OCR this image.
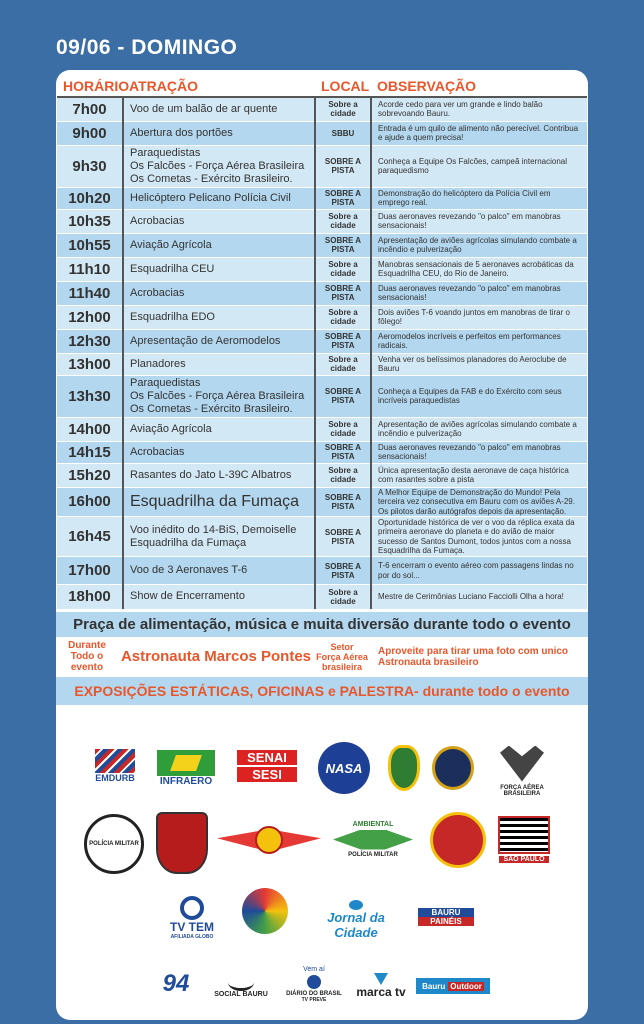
09/06 - DOMINGO
HORÁRIO	ATRAÇÃO	LOCAL	OBSERVAÇÃO
7h00	Voo de um balão de ar quente	Sobre a cidade	Acorde cedo para ver um grande e lindo balão sobrevoando Bauru.
9h00	Abertura dos portões	SBBU	Entrada é um quilo de alimento não perecível. Contribua e ajude a quem precisa!
9h30	Paraquedistas
Os Falcões - Força Aérea Brasileira
Os Cometas - Exército Brasileiro.	SOBRE A PISTA	Conheça a Equipe Os Falcões, campeã internacional paraquedismo
10h20	Helicóptero Pelicano Polícia Civil	SOBRE A PISTA	Demonstração do helicóptero da Polícia Civil em emprego real.
10h35	Acrobacias	Sobre a cidade	Duas aeronaves revezando "o palco" em manobras sensacionais!
10h55	Aviação Agrícola	SOBRE A PISTA	Apresentação de aviões agrícolas simulando combate a incêndio e pulverização
11h10	Esquadrilha CEU	Sobre a cidade	Manobras sensacionais de 5 aeronaves acrobáticas da Esquadrilha CEU, do Rio de Janeiro.
11h40	Acrobacias	SOBRE A PISTA	Duas aeronaves revezando "o palco" em manobras sensacionais!
12h00	Esquadrilha EDO	Sobre a cidade	Dois aviões T-6 voando juntos em manobras de tirar o fôlego!
12h30	Apresentação de Aeromodelos	SOBRE A PISTA	Aeromodelos incríveis e perfeitos em performances radicais.
13h00	Planadores	Sobre a cidade	Venha ver os belíssimos planadores do Aeroclube de Bauru
13h30	Paraquedistas
Os Falcões - Força Aérea Brasileira
Os Cometas - Exército Brasileiro.	SOBRE A PISTA	Conheça a Equipes da FAB e do Exército com seus incríveis paraquedistas
14h00	Aviação Agrícola	Sobre a cidade	Apresentação de aviões agrícolas simulando combate a incêndio e pulverização
14h15	Acrobacias	SOBRE A PISTA	Duas aeronaves revezando "o palco" em manobras sensacionais!
15h20	Rasantes do Jato L-39C Albatros	Sobre a cidade	Única apresentação desta aeronave de caça histórica com rasantes sobre a pista
16h00	Esquadrilha da Fumaça	SOBRE A PISTA	A Melhor Equipe de Demonstração do Mundo! Pela terceira vez consecutiva em Bauru com os aviões A-29. Os pilotos darão autógrafos depois da apresentação.
16h45	Voo inédito do 14-BiS, Demoiselle
Esquadrilha da Fumaça	SOBRE A PISTA	Oportunidade histórica de ver o voo da réplica exata da primeira aeronave do planeta e do avião de maior sucesso de Santos Dumont, todos juntos com a nossa Esquadrilha da Fumaça.
17h00	Voo de 3 Aeronaves T-6	SOBRE A PISTA	T-6 encerram o evento aéreo com passagens lindas no por do sol...
18h00	Show de Encerramento	Sobre a cidade	Mestre de Cerimônias Luciano Facciolli Olha a hora!
Praça de alimentação, música e muita diversão durante todo o evento
Durante
Todo o evento
Astronauta Marcos Pontes
Setor
Força Aérea
brasileira
Aproveite para tirar uma foto com unico
Astronauta brasileiro
EXPOSIÇÕES ESTÁTICAS, OFICINAS e PALESTRA- durante todo o evento
EMDURB	INFRAERO
SENAI
SESI	NASA
FORÇA AÉREA BRASILEIRA
POLÍCIA MILITAR
AMBIENTAL
POLÍCIA MILITAR
SÃO PAULO
TV TEM
AFILIADA GLOBO
Jornal da Cidade
BAURU
PAINÉIS
94	SOCIAL BAURU
Vem aí
DIÁRIO DO BRASIL
TV PREVE
marca tv Bauru Outdoor
